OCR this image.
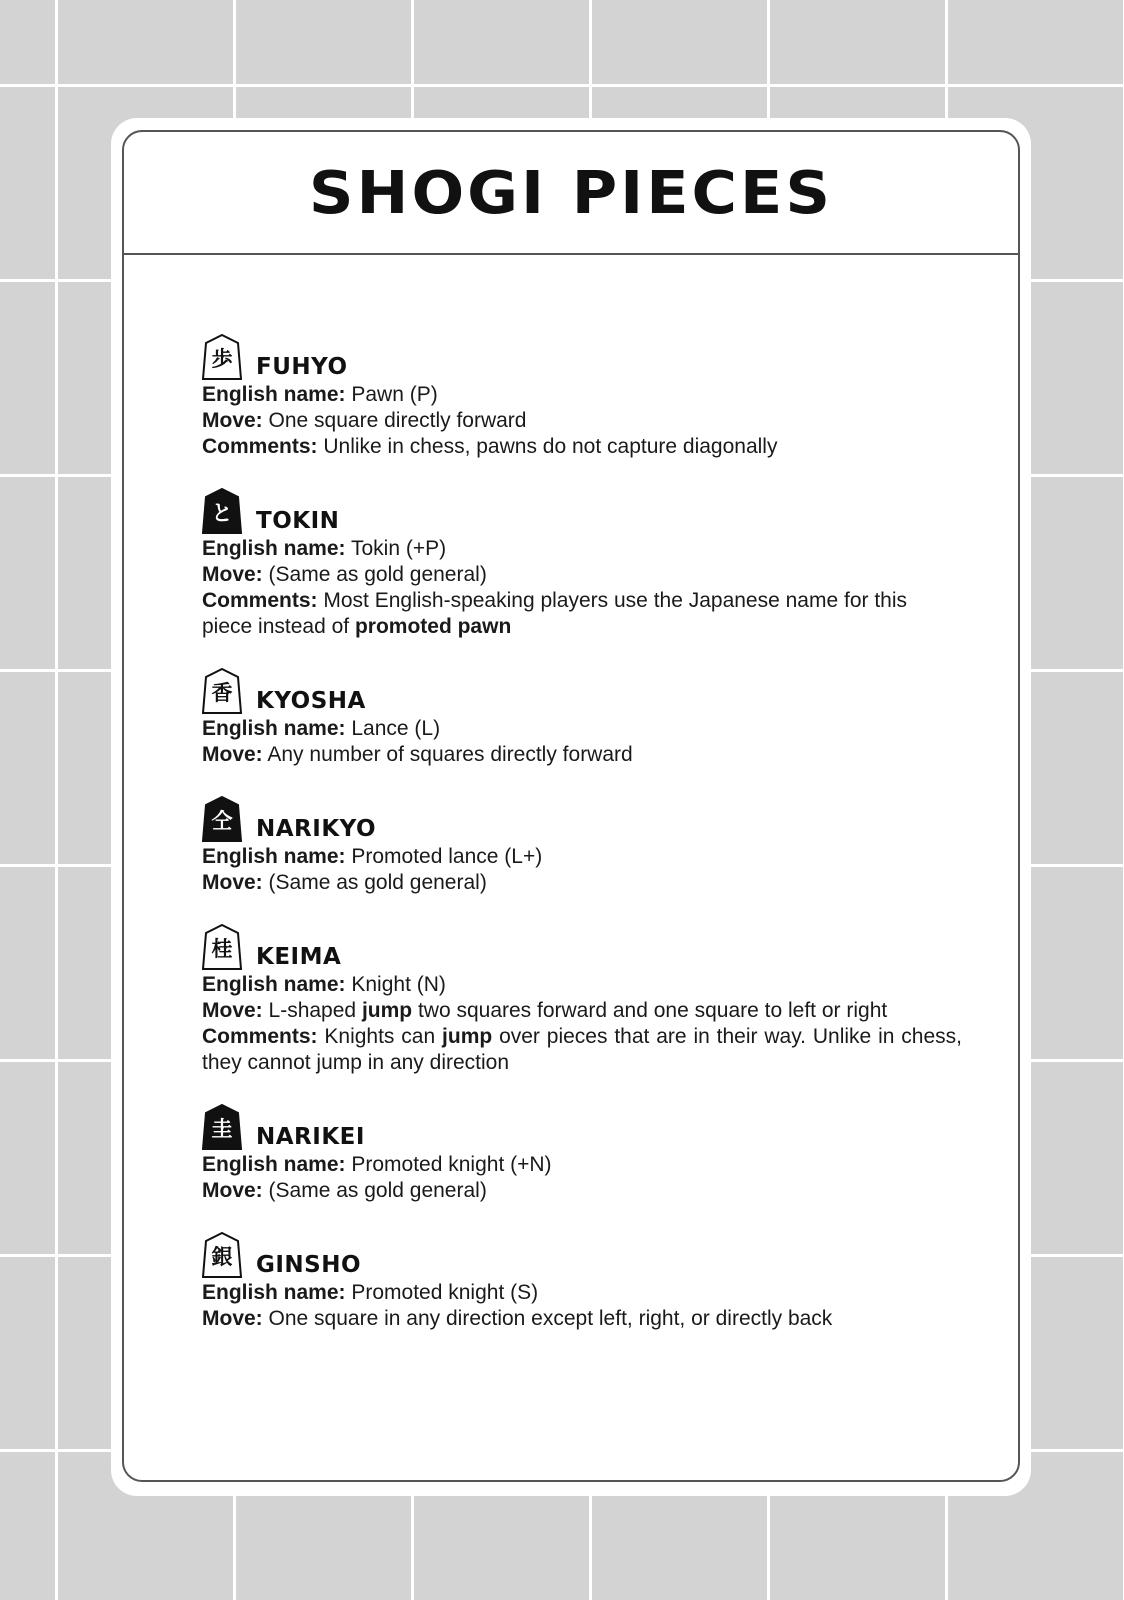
SHOGI PIECES
歩	FUHYO
English name: Pawn (P)
Move: One square directly forward
Comments: Unlike in chess, pawns do not capture diagonally
と	TOKIN
English name: Tokin (+P)
Move: (Same as gold general)
Comments: Most English-speaking players use the Japanese name for this piece instead of promoted pawn
香	KYOSHA
English name: Lance (L)
Move: Any number of squares directly forward
仝	NARIKYO
English name: Promoted lance (L+)
Move: (Same as gold general)
桂	KEIMA
English name: Knight (N)
Move: L-shaped jump two squares forward and one square to left or right
Comments: Knights can jump over pieces that are in their way. Unlike in chess, they cannot jump in any direction
圭	NARIKEI
English name: Promoted knight (+N)
Move: (Same as gold general)
銀	GINSHO
English name: Promoted knight (S)
Move: One square in any direction except left, right, or directly back
